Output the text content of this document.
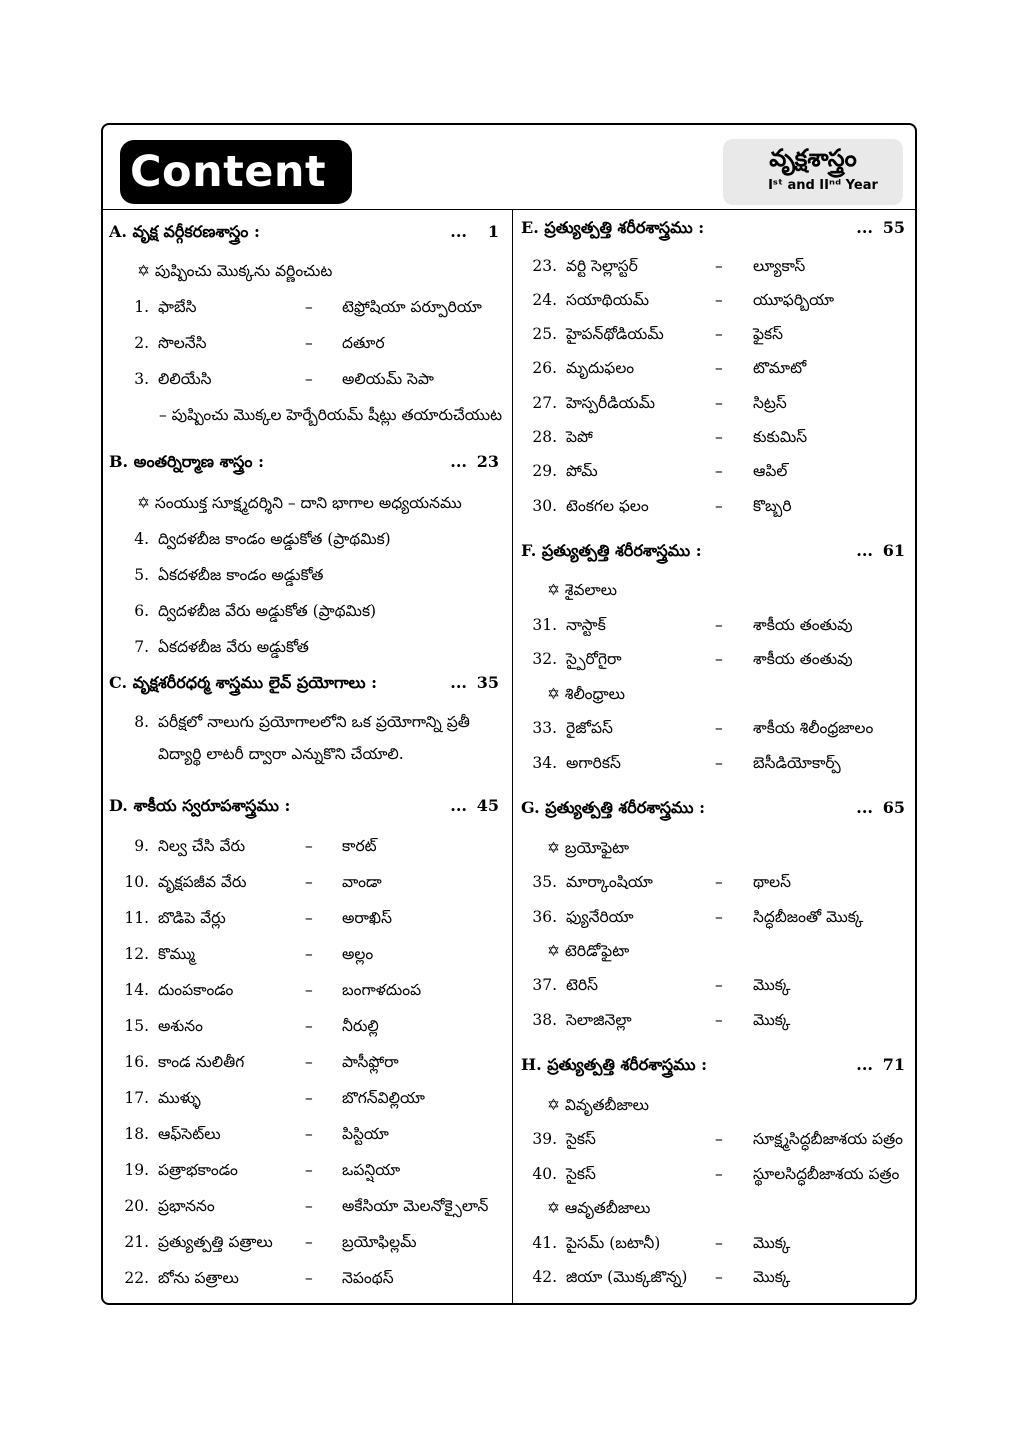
Content	వృక్షశాస్త్రం
Iˢᵗ and IIⁿᵈ Year
A. వృక్ష వర్గీకరణశాస్త్రం :	... 1
✡ పుష్పించు మొక్కను వర్ణించుట
1. ఫాబేసి	– టెఫ్రోషియా పర్పూరియా
2. సొలనేసి	– దతూర
3. లిలియేసి	– అలియమ్ సెపా
– పుష్పించు మొక్కల హెర్బేరియమ్ షీట్లు తయారుచేయుట
B. అంతర్నిర్మాణ శాస్త్రం :	... 23
✡ సంయుక్త సూక్ష్మదర్శిని – దాని భాగాల అధ్యయనము
4. ద్విదళబీజ కాండం అడ్డుకోత (ప్రాథమిక)
5. ఏకదళబీజ కాండం అడ్డుకోత
6. ద్విదళబీజ వేరు అడ్డుకోత (ప్రాథమిక)
7. ఏకదళబీజ వేరు అడ్డుకోత
C. వృక్షశరీరధర్మ శాస్త్రము లైవ్ ప్రయోగాలు :	... 35
8. పరీక్షలో నాలుగు ప్రయోగాలలోని ఒక ప్రయోగాన్ని ప్రతీ
విద్యార్థి లాటరీ ద్వారా ఎన్నుకొని చేయాలి.
D. శాకీయ స్వరూపశాస్త్రము :	... 45
9. నిల్వ చేసి వేరు	– కారట్
10. వృక్షపజీవ వేరు	– వాండా
11. బొడిపె వేర్లు	– అరాఖిస్
12. కొమ్ము	– అల్లం
14. దుంపకాండం	– బంగాళదుంప
15. అశునం	– నీరుల్లి
16. కాండ నులితీగ	– పాసీఫ్లోరా
17. ముళ్ళు	– బొగన్‌విల్లియా
18. ఆఫ్‌సెట్‌లు	– పిస్టియా
19. పత్రాభకాండం	– ఒపన్షియా
20. ప్రభాననం	– అకేసియా మెలనోక్సైలాన్
21. ప్రత్యుత్పత్తి పత్రాలు – బ్రయోఫిల్లమ్
22. బోను పత్రాలు	– నెపంథస్
E. ప్రత్యుత్పత్తి శరీరశాస్త్రము :	... 55
23. వర్టి సెల్లాస్టర్	– ల్యూకాస్
24. సయాథియమ్	– యూఫర్బియా
25. హైపన్‌థోడియమ్	– ఫైకస్
26. మృదుఫలం	– టొమాటో
27. హెస్పరీడియమ్	– సిట్రస్
28. పెపో	– కుకుమిస్
29. పోమ్	– ఆపిల్
30. టెంకగల ఫలం	– కొబ్బరి
F. ప్రత్యుత్పత్తి శరీరశాస్త్రము :	... 61
✡ శైవలాలు
31. నాస్టాక్	– శాకీయ తంతువు
32. స్పైరోగైరా	– శాకీయ తంతువు
✡ శిలీంధ్రాలు
33. రైజోపస్	– శాకీయ శిలీంధ్రజాలం
34. అగారికస్	– బెసీడియోకార్ప్
G. ప్రత్యుత్పత్తి శరీరశాస్త్రము :	... 65
✡ బ్రయోఫైటా
35. మార్కాంషియా	– థాలస్
36. ఫ్యునేరియా	– సిద్ధబీజంతో మొక్క
✡ టెరిడోఫైటా
37. టెరిస్	– మొక్క
38. సెలాజినెల్లా	– మొక్క
H. ప్రత్యుత్పత్తి శరీరశాస్త్రము :	... 71
✡ వివృతబీజాలు
39. సైకస్	– సూక్ష్మసిద్ధబీజాశయ పత్రం
40. సైకస్	– స్థూలసిద్ధబీజాశయ పత్రం
✡ ఆవృతబీజాలు
41. పైసమ్ (బటానీ)	– మొక్క
42. జియా (మొక్కజొన్న) – మొక్క
